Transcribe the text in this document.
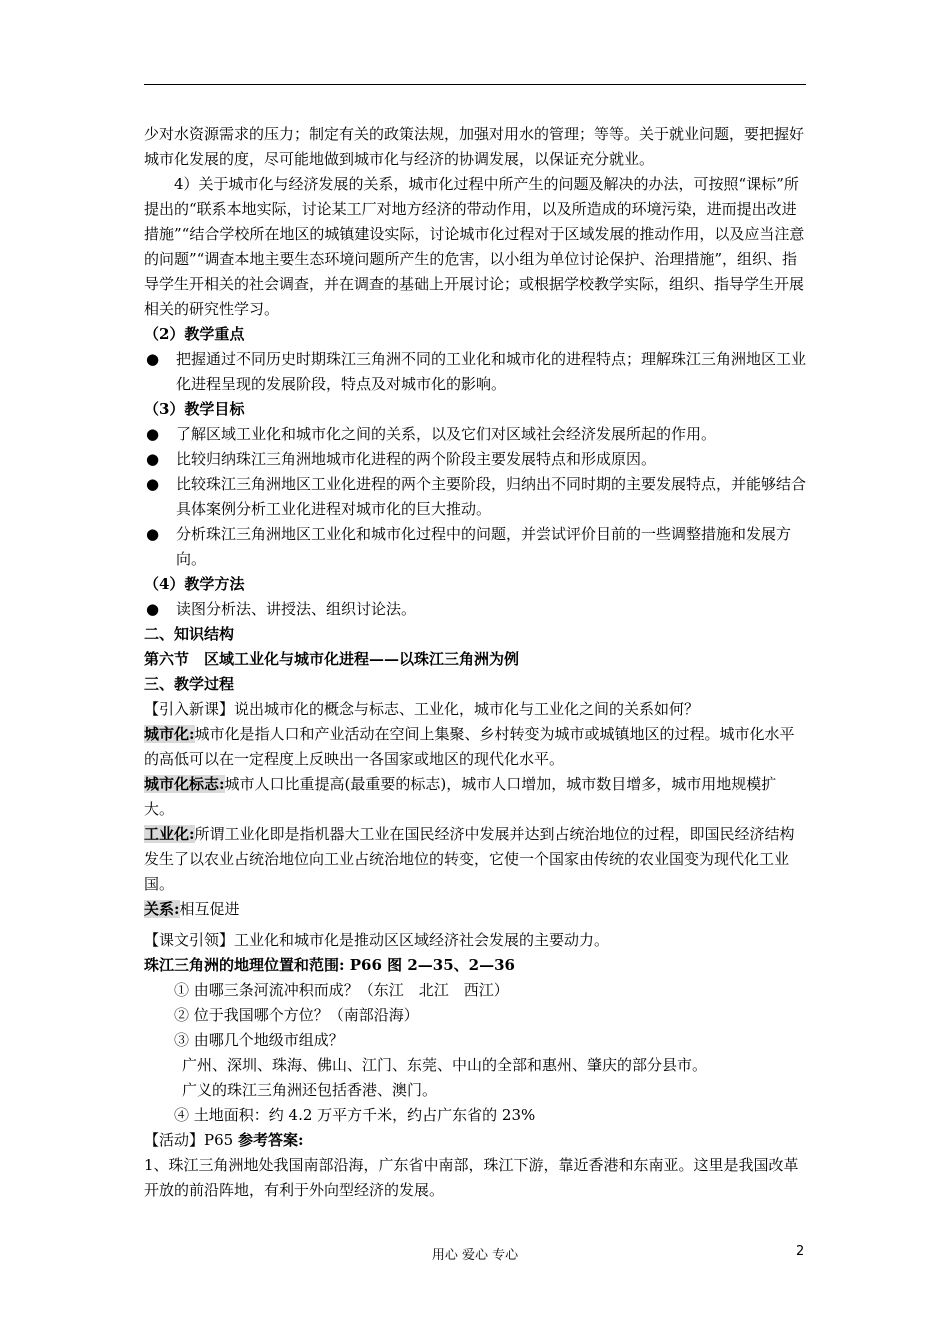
少对水资源需求的压力；制定有关的政策法规，加强对用水的管理；等等。关于就业问题，要把握好城市化发展的度，尽可能地做到城市化与经济的协调发展，以保证充分就业。

4）关于城市化与经济发展的关系，城市化过程中所产生的问题及解决的办法，可按照“课标”所提出的“联系本地实际，讨论某工厂对地方经济的带动作用，以及所造成的环境污染，进而提出改进措施”“结合学校所在地区的城镇建设实际，讨论城市化过程对于区域发展的推动作用，以及应当注意的问题”“调查本地主要生态环境问题所产生的危害，以小组为单位讨论保护、治理措施”，组织、指导学生开相关的社会调查，并在调查的基础上开展讨论；或根据学校教学实际，组织、指导学生开展相关的研究性学习。

（2）教学重点

● 把握通过不同历史时期珠江三角洲不同的工业化和城市化的进程特点；理解珠江三角洲地区工业化进程呈现的发展阶段，特点及对城市化的影响。

（3）教学目标

● 了解区域工业化和城市化之间的关系，以及它们对区域社会经济发展所起的作用。

● 比较归纳珠江三角洲地城市化进程的两个阶段主要发展特点和形成原因。

● 比较珠江三角洲地区工业化进程的两个主要阶段，归纳出不同时期的主要发展特点，并能够结合具体案例分析工业化进程对城市化的巨大推动。

● 分析珠江三角洲地区工业化和城市化过程中的问题，并尝试评价目前的一些调整措施和发展方向。

（4）教学方法

● 读图分析法、讲授法、组织讨论法。

二、知识结构

第六节　区域工业化与城市化进程——以珠江三角洲为例

三、教学过程

【引入新课】说出城市化的概念与标志、工业化，城市化与工业化之间的关系如何？

城市化:城市化是指人口和产业活动在空间上集聚、乡村转变为城市或城镇地区的过程。城市化水平的高低可以在一定程度上反映出一各国家或地区的现代化水平。

城市化标志:城市人口比重提高(最重要的标志)，城市人口增加，城市数目增多，城市用地规模扩大。

工业化:所谓工业化即是指机器大工业在国民经济中发展并达到占统治地位的过程，即国民经济结构发生了以农业占统治地位向工业占统治地位的转变，它使一个国家由传统的农业国变为现代化工业国。

关系:相互促进

【课文引领】工业化和城市化是推动区区域经济社会发展的主要动力。

珠江三角洲的地理位置和范围: P66 图 2—35、2—36

① 由哪三条河流冲积而成？（东江　北江　西江）

② 位于我国哪个方位？（南部沿海）

③ 由哪几个地级市组成？

广州、深圳、珠海、佛山、江门、东莞、中山的全部和惠州、肇庆的部分县市。

广义的珠江三角洲还包括香港、澳门。

④ 土地面积：约 4.2 万平方千米，约占广东省的 23%

【活动】P65 参考答案:

1、珠江三角洲地处我国南部沿海，广东省中南部，珠江下游，靠近香港和东南亚。这里是我国改革开放的前沿阵地，有利于外向型经济的发展。

用心 爱心 专心	2
